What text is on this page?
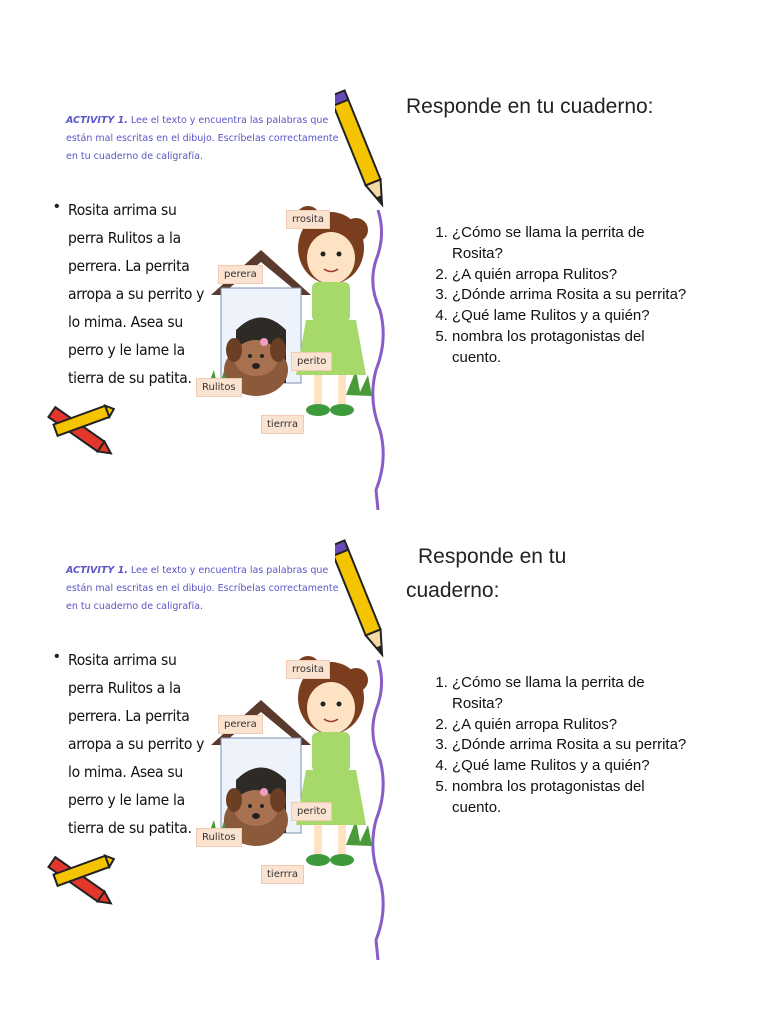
ACTIVITY 1. Lee el texto y encuentra las palabras que están mal escritas en el dibujo. Escríbelas correctamente en tu cuaderno de caligrafía.
• Rosita arrima su perra Rulitos a la perrera. La perrita arropa a su perrito y lo mima. Asea su perro y le lame la tierra de su patita.
rrosita
perera
perito
Rulitos
tierrra
Responde en tu cuaderno:
1. ¿Cómo se llama la perrita de Rosita?
2. ¿A quién arropa Rulitos?
3. ¿Dónde arrima Rosita a su perrita?
4. ¿Qué lame Rulitos y a quién?
5. nombra los protagonistas del cuento.
ACTIVITY 1. Lee el texto y encuentra las palabras que están mal escritas en el dibujo. Escríbelas correctamente en tu cuaderno de caligrafía.
• Rosita arrima su perra Rulitos a la perrera. La perrita arropa a su perrito y lo mima. Asea su perro y le lame la tierra de su patita.
rrosita
perera
perito
Rulitos
tierrra
Responde en tu cuaderno:
1. ¿Cómo se llama la perrita de Rosita?
2. ¿A quién arropa Rulitos?
3. ¿Dónde arrima Rosita a su perrita?
4. ¿Qué lame Rulitos y a quién?
5. nombra los protagonistas del cuento.
